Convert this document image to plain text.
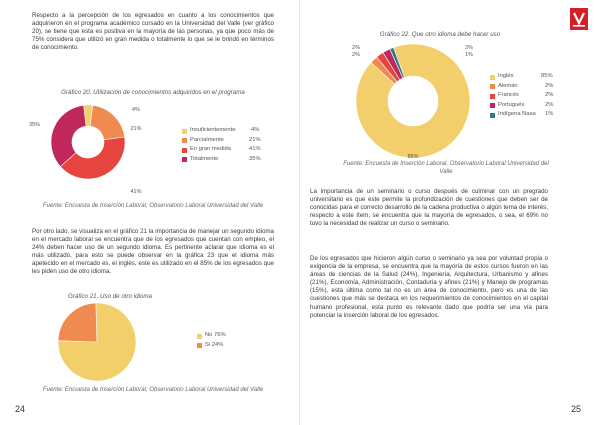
Respecto a la percepción de los egresados en cuanto a los conocimientos que adquirieron en el programa académico cursado en la Universidad del Valle (ver gráfico 20), se tiene que esta es positiva en la mayoría de las personas, ya que poco más de 75% considera que utilizó en gran medida o totalmente lo que se le brindó en términos de conocimiento.
Gráfico 20. Utilización de conocimientos adquiridos en el programa
4%
21%
41%
35%
Insuficientemente	4%
Parcialmente	21%
En gran medida	41%
Totalmente	35%
Fuente: Encuesta de Inserción Laboral, Observatorio Laboral Universidad del Valle
Por otro lado, se visualiza en el gráfico 21 la importancia de manejar un segundo idioma en el mercado laboral se encuentra que de los egresados que cuentan con empleo, el 24% deben hacer uso de un segundo idioma. Es pertinente aclarar que idioma es el más utilizado, para esto se puede observar en la gráfica 23 que el idioma más apetecido en el mercado es, el inglés, este es utilizado en el 85% de los egresados que les piden uso de otro idioma.
Gráfico 21. Uso de otro idioma
No 76%
Si 24%
Fuente: Encuesta de Inserción Laboral, Observatorio Laboral Universidad del Valle
24
Gráfico 22. Que otro idioma debe hacer uso
85%
2%
2%
2%
1%
Inglés	85%
Alemán	2%
Francés	2%
Portugués	2%
Indígena Nasa 1%
Fuente: Encuesta de Inserción Laboral, Observatorio Laboral Universidad del Valle
La importancia de un seminario o curso después de culminar con un pregrado universitario es que este permite la profundización de cuestiones que deben ser de conocidas para el correcto desarrollo de la cadena productiva o algún tema de interés, respecto a este ítem, se encuentra que la mayoría de egresados, o sea, el 69% no tuvo la necesidad de realizar un curso o seminario.
De los egresados que hicieron algún curso o seminario ya sea por voluntad propia o exigencia de la empresa, se encuentra que la mayoría de estos cursos fueron en las áreas de ciencias de la Salud (24%), Ingeniería, Arquitectura, Urbanismo y afines (21%), Economía, Administración, Contaduría y afines (21%) y Manejo de programas (15%), esta última como tal no es un área de conocimiento, pero es una de las cuestiones que más se destaca en los requerimientos de conocimientos en el capital humano profesional, esta punto es relevante dado que podría ser una vía para potenciar la inserción laboral de los egresados.
25
